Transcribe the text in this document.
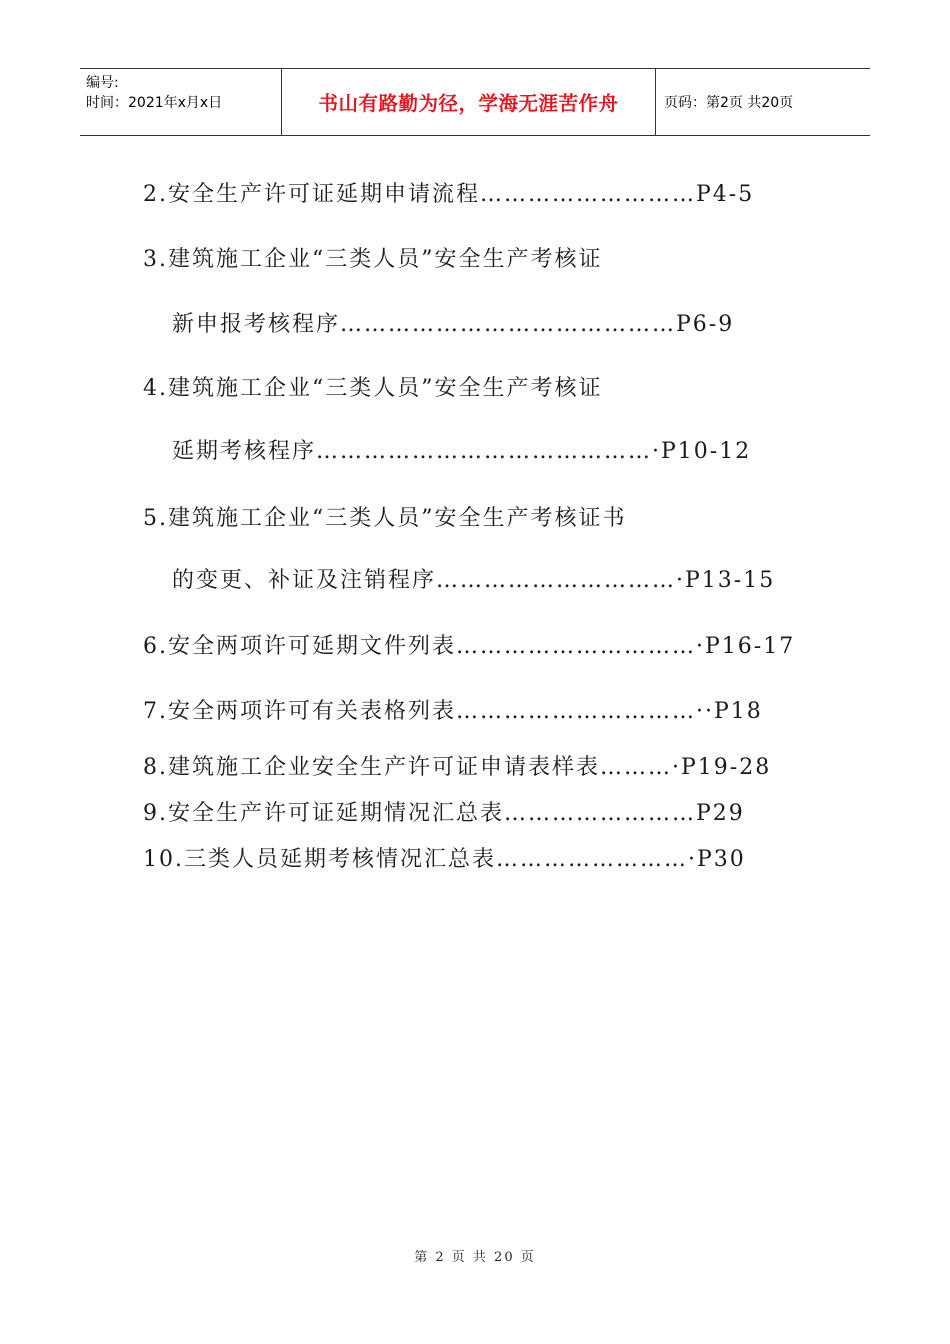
编号:
时间：2021年x月x日	书山有路勤为径，学海无涯苦作舟	页码：第2页 共20页
2.安全生产许可证延期申请流程………………………P4-5
3.建筑施工企业“三类人员”安全生产考核证
新申报考核程序……………………………………P6-9
4.建筑施工企业“三类人员”安全生产考核证
延期考核程序……………………………………·P10-12
5.建筑施工企业“三类人员”安全生产考核证书
的变更、补证及注销程序…………………………·P13-15
6.安全两项许可延期文件列表…………………………·P16-17
7.安全两项许可有关表格列表…………………………··P18
8.建筑施工企业安全生产许可证申请表样表………·P19-28
9.安全生产许可证延期情况汇总表……………………P29
10.三类人员延期考核情况汇总表……………………·P30
第 2 页 共 20 页
